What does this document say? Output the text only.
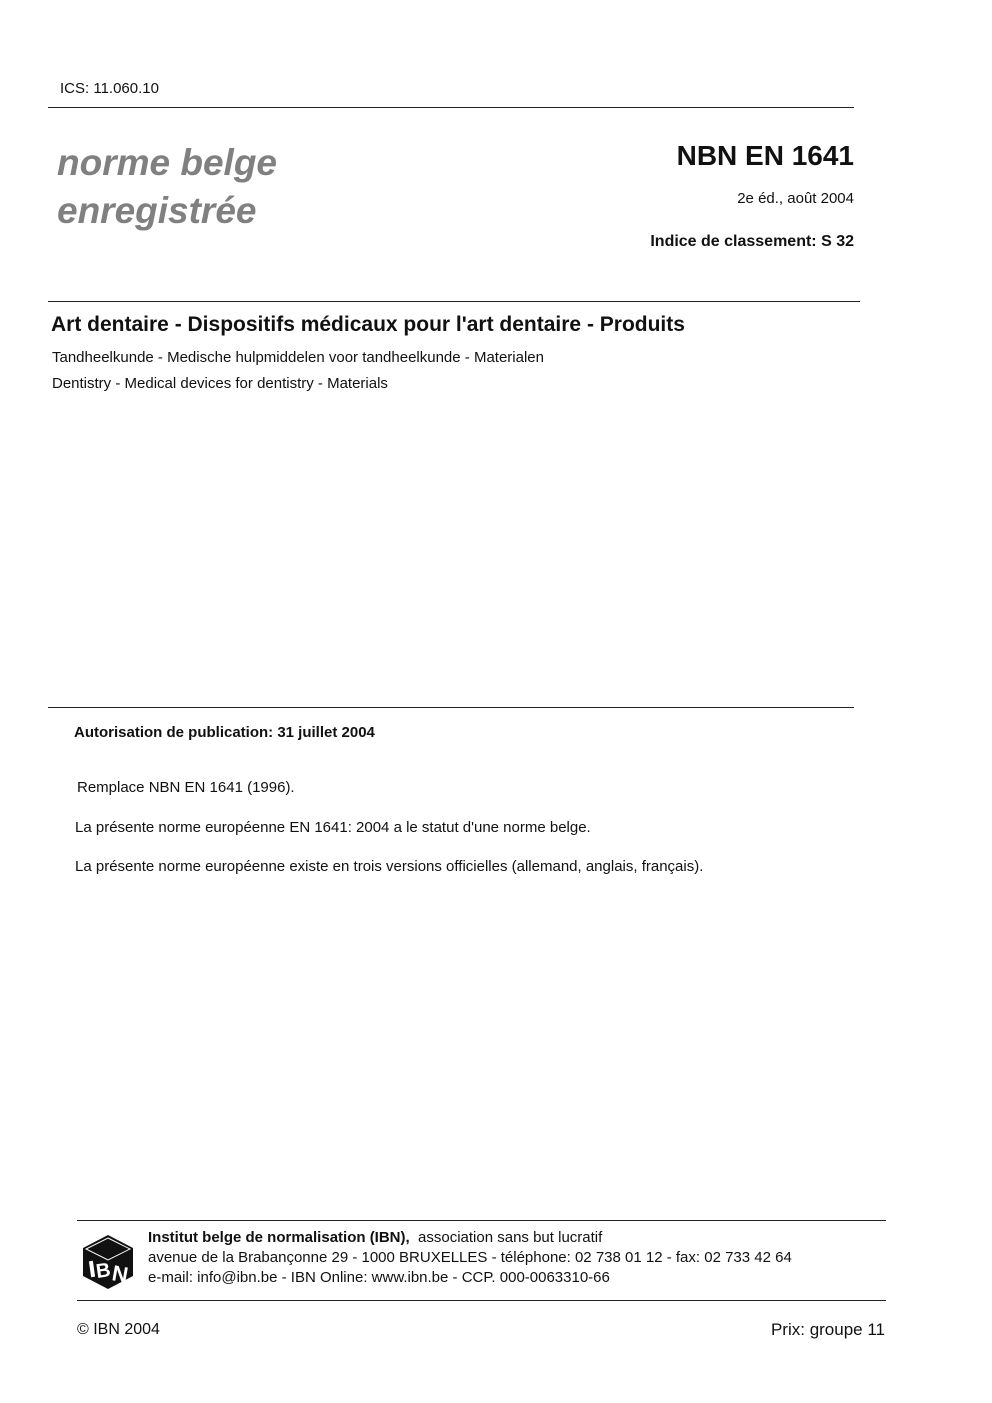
ICS: 11.060.10
norme belge
enregistrée
NBN EN 1641
2e éd., août 2004
Indice de classement: S 32
Art dentaire - Dispositifs médicaux pour l'art dentaire - Produits
Tandheelkunde - Medische hulpmiddelen voor tandheelkunde - Materialen
Dentistry - Medical devices for dentistry - Materials
Autorisation de publication: 31 juillet 2004
Remplace NBN EN 1641 (1996).
La présente norme européenne EN 1641: 2004 a le statut d'une norme belge.
La présente norme européenne existe en trois versions officielles (allemand, anglais, français).
B
N
Institut belge de normalisation (IBN), association sans but lucratif
avenue de la Brabançonne 29 - 1000 BRUXELLES - téléphone: 02 738 01 12 - fax: 02 733 42 64
e-mail: info@ibn.be - IBN Online: www.ibn.be - CCP. 000-0063310-66
© IBN 2004	Prix: groupe 11
